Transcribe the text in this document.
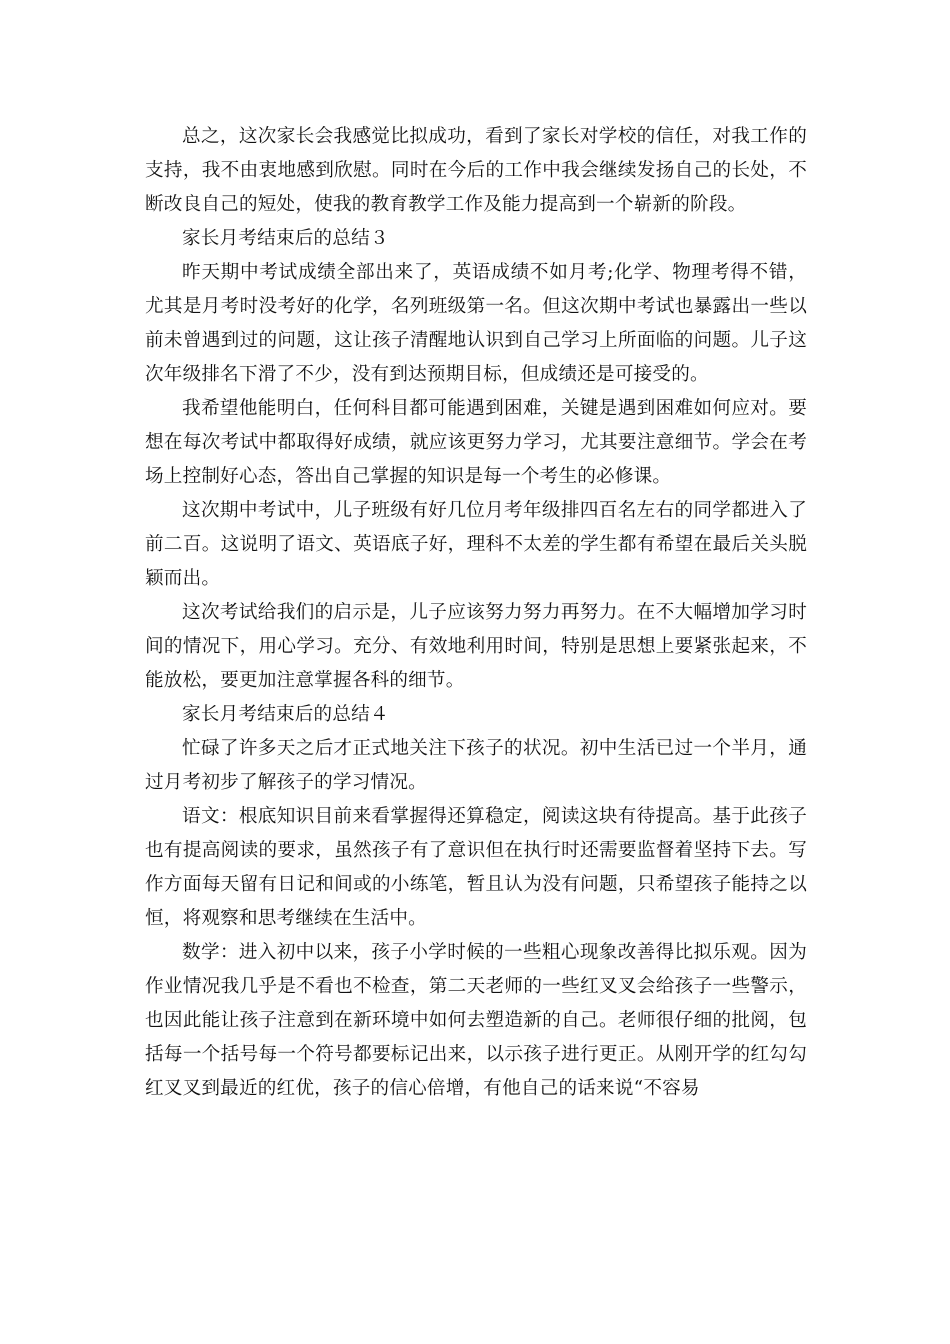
总之，这次家长会我感觉比拟成功，看到了家长对学校的信任，对我工作的支持，我不由衷地感到欣慰。同时在今后的工作中我会继续发扬自己的长处，不断改良自己的短处，使我的教育教学工作及能力提高到一个崭新的阶段。

家长月考结束后的总结３

昨天期中考试成绩全部出来了，英语成绩不如月考;化学、物理考得不错，尤其是月考时没考好的化学，名列班级第一名。但这次期中考试也暴露出一些以前未曾遇到过的问题，这让孩子清醒地认识到自己学习上所面临的问题。儿子这次年级排名下滑了不少，没有到达预期目标，但成绩还是可接受的。

我希望他能明白，任何科目都可能遇到困难，关键是遇到困难如何应对。要想在每次考试中都取得好成绩，就应该更努力学习，尤其要注意细节。学会在考场上控制好心态，答出自己掌握的知识是每一个考生的必修课。

这次期中考试中，儿子班级有好几位月考年级排四百名左右的同学都进入了前二百。这说明了语文、英语底子好，理科不太差的学生都有希望在最后关头脱颖而出。

这次考试给我们的启示是，儿子应该努力努力再努力。在不大幅增加学习时间的情况下，用心学习。充分、有效地利用时间，特别是思想上要紧张起来，不能放松，要更加注意掌握各科的细节。

家长月考结束后的总结４

忙碌了许多天之后才正式地关注下孩子的状况。初中生活已过一个半月，通过月考初步了解孩子的学习情况。

语文：根底知识目前来看掌握得还算稳定，阅读这块有待提高。基于此孩子也有提高阅读的要求，虽然孩子有了意识但在执行时还需要监督着坚持下去。写作方面每天留有日记和间或的小练笔，暂且认为没有问题，只希望孩子能持之以恒，将观察和思考继续在生活中。

数学：进入初中以来，孩子小学时候的一些粗心现象改善得比拟乐观。因为作业情况我几乎是不看也不检查，第二天老师的一些红叉叉会给孩子一些警示，也因此能让孩子注意到在新环境中如何去塑造新的自己。老师很仔细的批阅，包括每一个括号每一个符号都要标记出来，以示孩子进行更正。从刚开学的红勾勾红叉叉到最近的红优，孩子的信心倍增，有他自己的话来说“不容易
